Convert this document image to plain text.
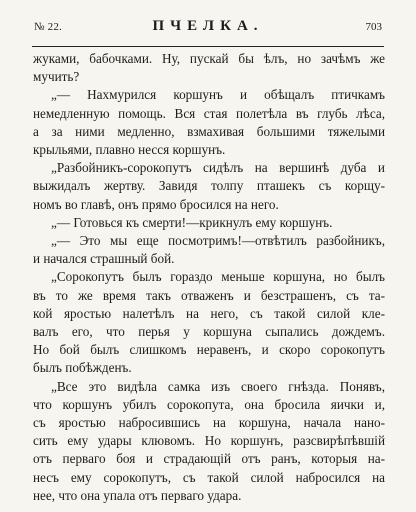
№ 22.	ПЧЕЛКА.	703
жуками, бабочками. Ну, пускай бы ѣлъ, но зачѣмъ же
мучить?
„— Нахмурился коршунъ и обѣщалъ птичкамъ
немедленную помощь. Вся стая полетѣла въ глубь лѣса,
а за ними медленно, взмахивая большими тяжелыми
крыльями, плавно несся коршунъ.
„Разбойникъ-сорокопутъ сидѣлъ на вершинѣ дуба и
выжидалъ жертву. Завидя толпу пташекъ съ корщу-
номъ во главѣ, онъ прямо бросился на него.
„— Готовься къ смерти!—крикнулъ ему коршунъ.
„— Это мы еще посмотримъ!—отвѣтилъ разбойникъ,
и начался страшный бой.
„Сорокопутъ былъ гораздо меньше коршуна, но былъ
въ то же время такъ отваженъ и безстрашенъ, съ та-
кой яростью налетѣлъ на него, съ такой силой кле-
валъ его, что перья у коршуна сыпались дождемъ.
Но бой былъ слишкомъ неравенъ, и скоро сорокопутъ
былъ побѣжденъ.
„Все это видѣла самка изъ своего гнѣзда. Понявъ,
что коршунъ убилъ сорокопута, она бросила яички и,
съ яростью набросившись на коршуна, начала нано-
сить ему удары клювомъ. Но коршунъ, разсвирѣпѣвшій
отъ перваго боя и страдающій отъ ранъ, которыя на-
несъ ему сорокопутъ, съ такой силой набросился на
нее, что она упала отъ перваго удара.
